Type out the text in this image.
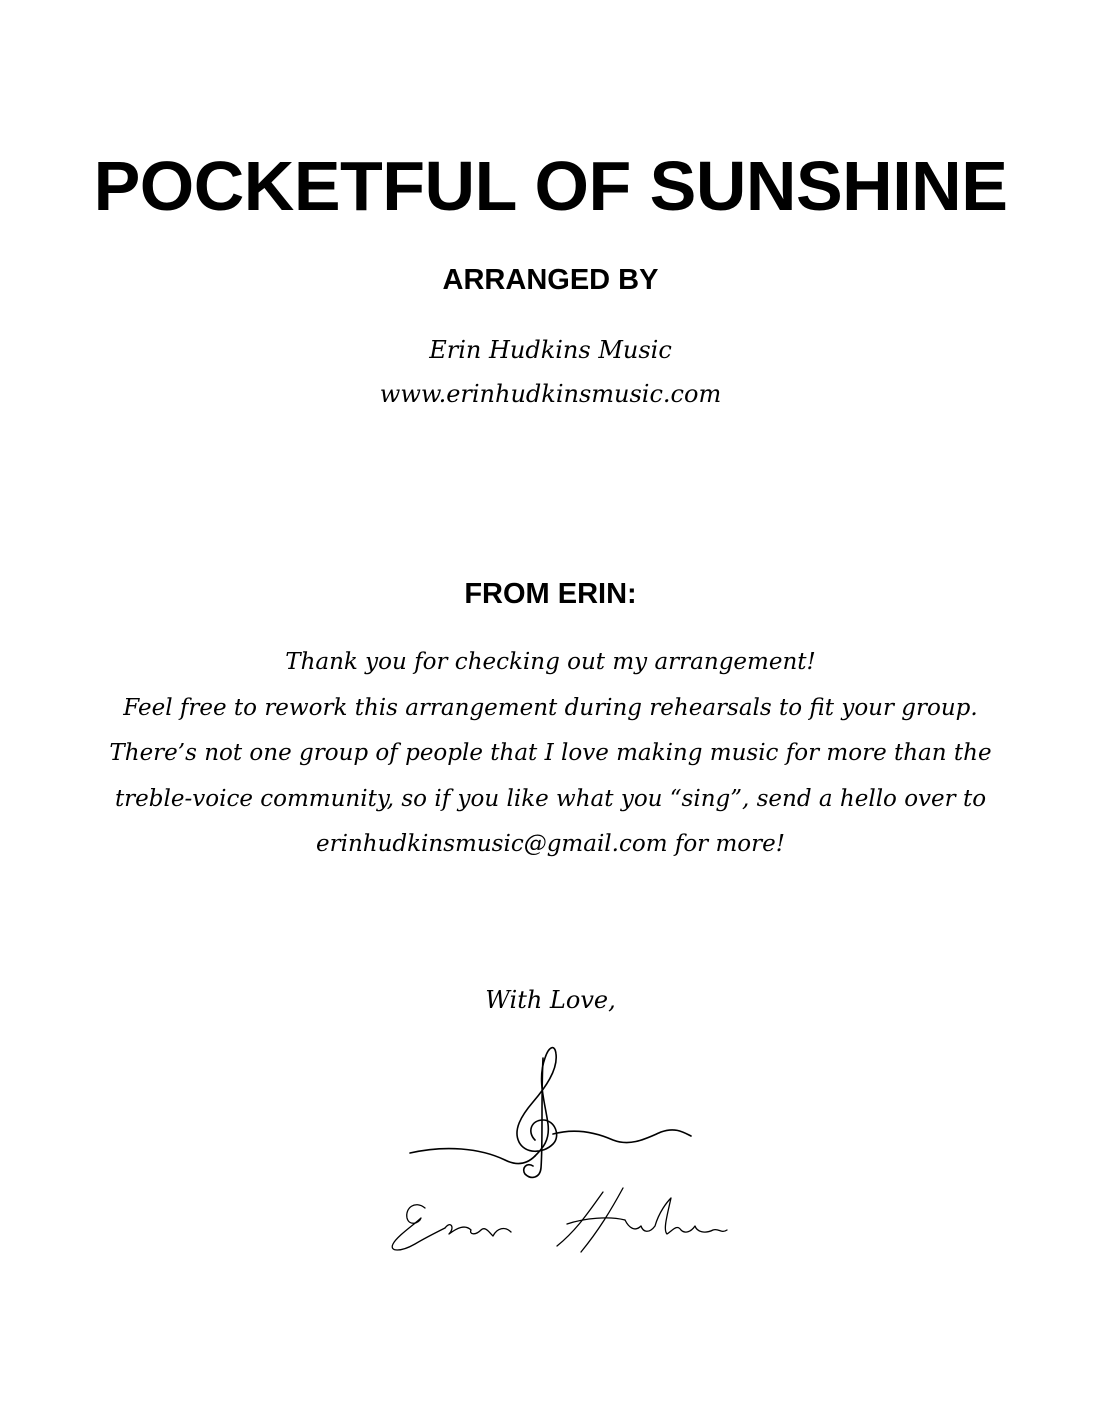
POCKETFUL OF SUNSHINE
ARRANGED BY
Erin Hudkins Music
www.erinhudkinsmusic.com
FROM ERIN:
Thank you for checking out my arrangement!
Feel free to rework this arrangement during rehearsals to fit your group.
There’s not one group of people that I love making music for more than the
treble-voice community, so if you like what you “sing”, send a hello over to
erinhudkinsmusic@gmail.com for more!
With Love,
